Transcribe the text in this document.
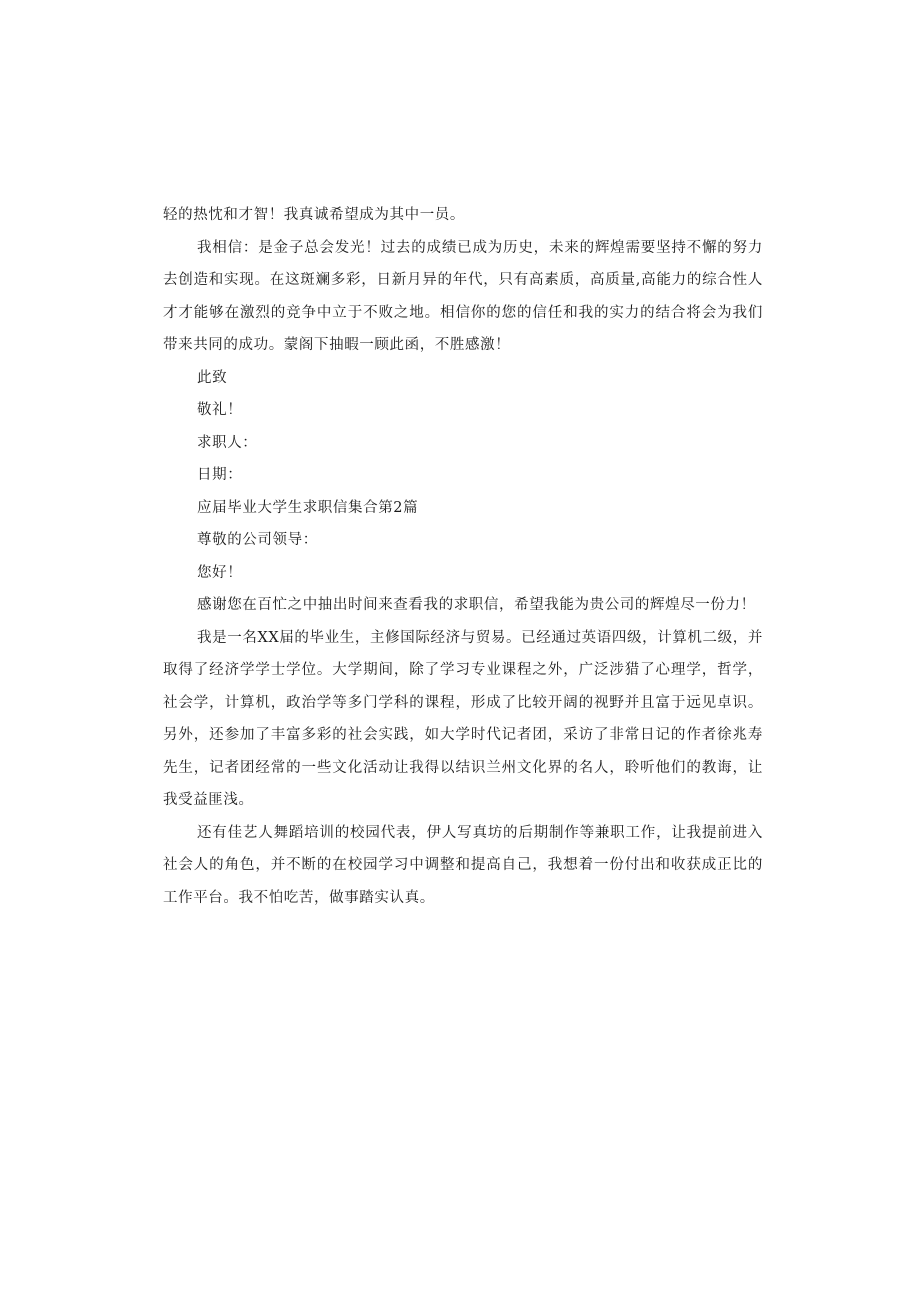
轻的热忱和才智！我真诚希望成为其中一员。

我相信：是金子总会发光！过去的成绩已成为历史，未来的辉煌需要坚持不懈的努力去创造和实现。在这斑斓多彩，日新月异的年代，只有高素质，高质量,高能力的综合性人才才能够在激烈的竞争中立于不败之地。相信你的您的信任和我的实力的结合将会为我们带来共同的成功。蒙阁下抽暇一顾此函，不胜感激！

此致

敬礼！

求职人：

日期：

应届毕业大学生求职信集合第2篇

尊敬的公司领导：

您好！

感谢您在百忙之中抽出时间来查看我的求职信，希望我能为贵公司的辉煌尽一份力！

我是一名XX届的毕业生，主修国际经济与贸易。已经通过英语四级，计算机二级，并取得了经济学学士学位。大学期间，除了学习专业课程之外，广泛涉猎了心理学，哲学，社会学，计算机，政治学等多门学科的课程，形成了比较开阔的视野并且富于远见卓识。另外，还参加了丰富多彩的社会实践，如大学时代记者团，采访了非常日记的作者徐兆寿先生，记者团经常的一些文化活动让我得以结识兰州文化界的名人，聆听他们的教诲，让我受益匪浅。

还有佳艺人舞蹈培训的校园代表，伊人写真坊的后期制作等兼职工作，让我提前进入社会人的角色，并不断的在校园学习中调整和提高自己，我想着一份付出和收获成正比的工作平台。我不怕吃苦，做事踏实认真。
